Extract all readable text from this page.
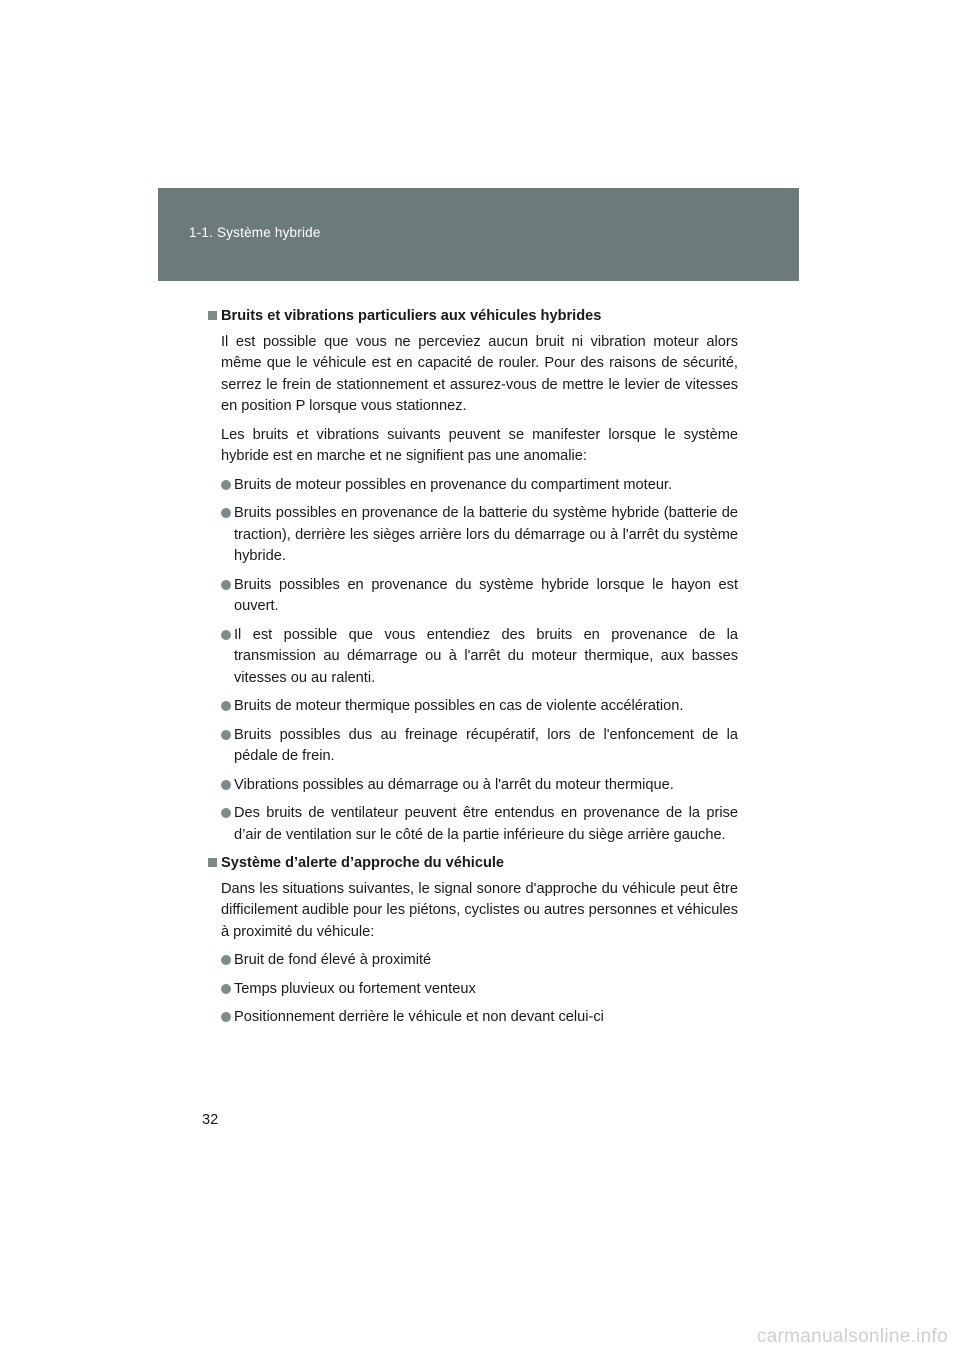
1-1. Système hybride
Bruits et vibrations particuliers aux véhicules hybrides

Il est possible que vous ne perceviez aucun bruit ni vibration moteur alors même que le véhicule est en capacité de rouler. Pour des raisons de sécurité, serrez le frein de stationnement et assurez-vous de mettre le levier de vitesses en position P lorsque vous stationnez.

Les bruits et vibrations suivants peuvent se manifester lorsque le système hybride est en marche et ne signifient pas une anomalie:

Bruits de moteur possibles en provenance du compartiment moteur.
Bruits possibles en provenance de la batterie du système hybride (batterie de traction), derrière les sièges arrière lors du démarrage ou à l'arrêt du système hybride.
Bruits possibles en provenance du système hybride lorsque le hayon est ouvert.
Il est possible que vous entendiez des bruits en provenance de la transmission au démarrage ou à l'arrêt du moteur thermique, aux basses vitesses ou au ralenti.
Bruits de moteur thermique possibles en cas de violente accélération.
Bruits possibles dus au freinage récupératif, lors de l'enfoncement de la pédale de frein.
Vibrations possibles au démarrage ou à l'arrêt du moteur thermique.
Des bruits de ventilateur peuvent être entendus en provenance de la prise d’air de ventilation sur le côté de la partie inférieure du siège arrière gauche.
Système d’alerte d’approche du véhicule

Dans les situations suivantes, le signal sonore d'approche du véhicule peut être difficilement audible pour les piétons, cyclistes ou autres personnes et véhicules à proximité du véhicule:

Bruit de fond élevé à proximité
Temps pluvieux ou fortement venteux
Positionnement derrière le véhicule et non devant celui-ci
32
carmanualsonline.info
